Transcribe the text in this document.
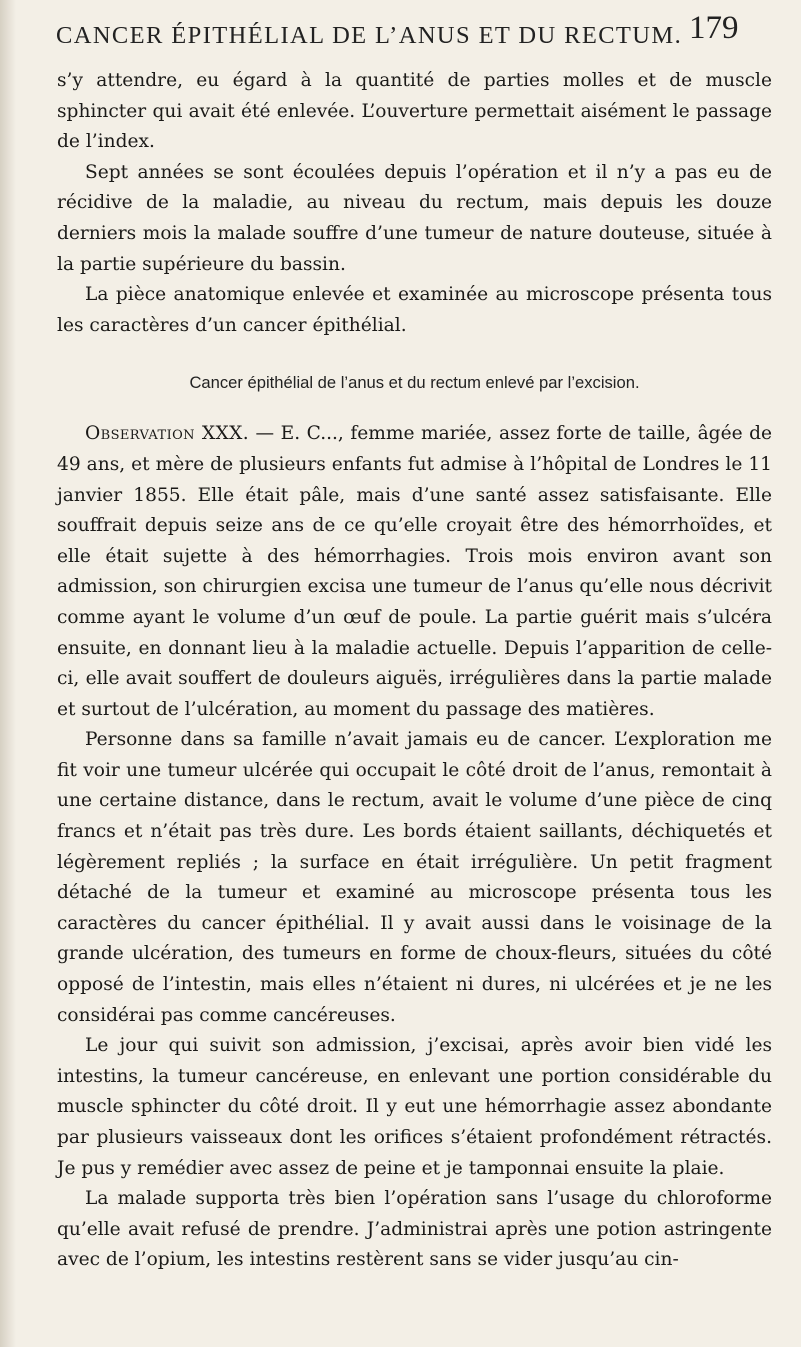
CANCER ÉPITHÉLIAL DE L’ANUS ET DU RECTUM. 179

s’y attendre, eu égard à la quantité de parties molles et de muscle sphincter qui avait été enlevée. L’ouverture permettait aisément le passage de l’index.

Sept années se sont écoulées depuis l’opération et il n’y a pas eu de récidive de la maladie, au niveau du rectum, mais depuis les douze derniers mois la malade souffre d’une tumeur de nature douteuse, située à la partie supérieure du bassin.

La pièce anatomique enlevée et examinée au microscope présenta tous les caractères d’un cancer épithélial.

Cancer épithélial de l’anus et du rectum enlevé par l’excision.

Observation XXX. — E. C..., femme mariée, assez forte de taille, âgée de 49 ans, et mère de plusieurs enfants fut admise à l’hôpital de Londres le 11 janvier 1855. Elle était pâle, mais d’une santé assez satisfaisante. Elle souffrait depuis seize ans de ce qu’elle croyait être des hémorrhoïdes, et elle était sujette à des hémorrhagies. Trois mois environ avant son admission, son chirurgien excisa une tumeur de l’anus qu’elle nous décrivit comme ayant le volume d’un œuf de poule. La partie guérit mais s’ulcéra ensuite, en donnant lieu à la maladie actuelle. Depuis l’apparition de celle-ci, elle avait souffert de douleurs aiguës, irrégulières dans la partie malade et surtout de l’ulcération, au moment du passage des matières.

Personne dans sa famille n’avait jamais eu de cancer. L’exploration me fit voir une tumeur ulcérée qui occupait le côté droit de l’anus, remontait à une certaine distance, dans le rectum, avait le volume d’une pièce de cinq francs et n’était pas très dure. Les bords étaient saillants, déchiquetés et légèrement repliés ; la surface en était irrégulière. Un petit fragment détaché de la tumeur et examiné au microscope présenta tous les caractères du cancer épithélial. Il y avait aussi dans le voisinage de la grande ulcération, des tumeurs en forme de choux-fleurs, situées du côté opposé de l’intestin, mais elles n’étaient ni dures, ni ulcérées et je ne les considérai pas comme cancéreuses.

Le jour qui suivit son admission, j’excisai, après avoir bien vidé les intestins, la tumeur cancéreuse, en enlevant une portion considérable du muscle sphincter du côté droit. Il y eut une hémorrhagie assez abondante par plusieurs vaisseaux dont les orifices s’étaient profondément rétractés. Je pus y remédier avec assez de peine et je tamponnai ensuite la plaie.

La malade supporta très bien l’opération sans l’usage du chloroforme qu’elle avait refusé de prendre. J’administrai après une potion astringente avec de l’opium, les intestins restèrent sans se vider jusqu’au cin-
